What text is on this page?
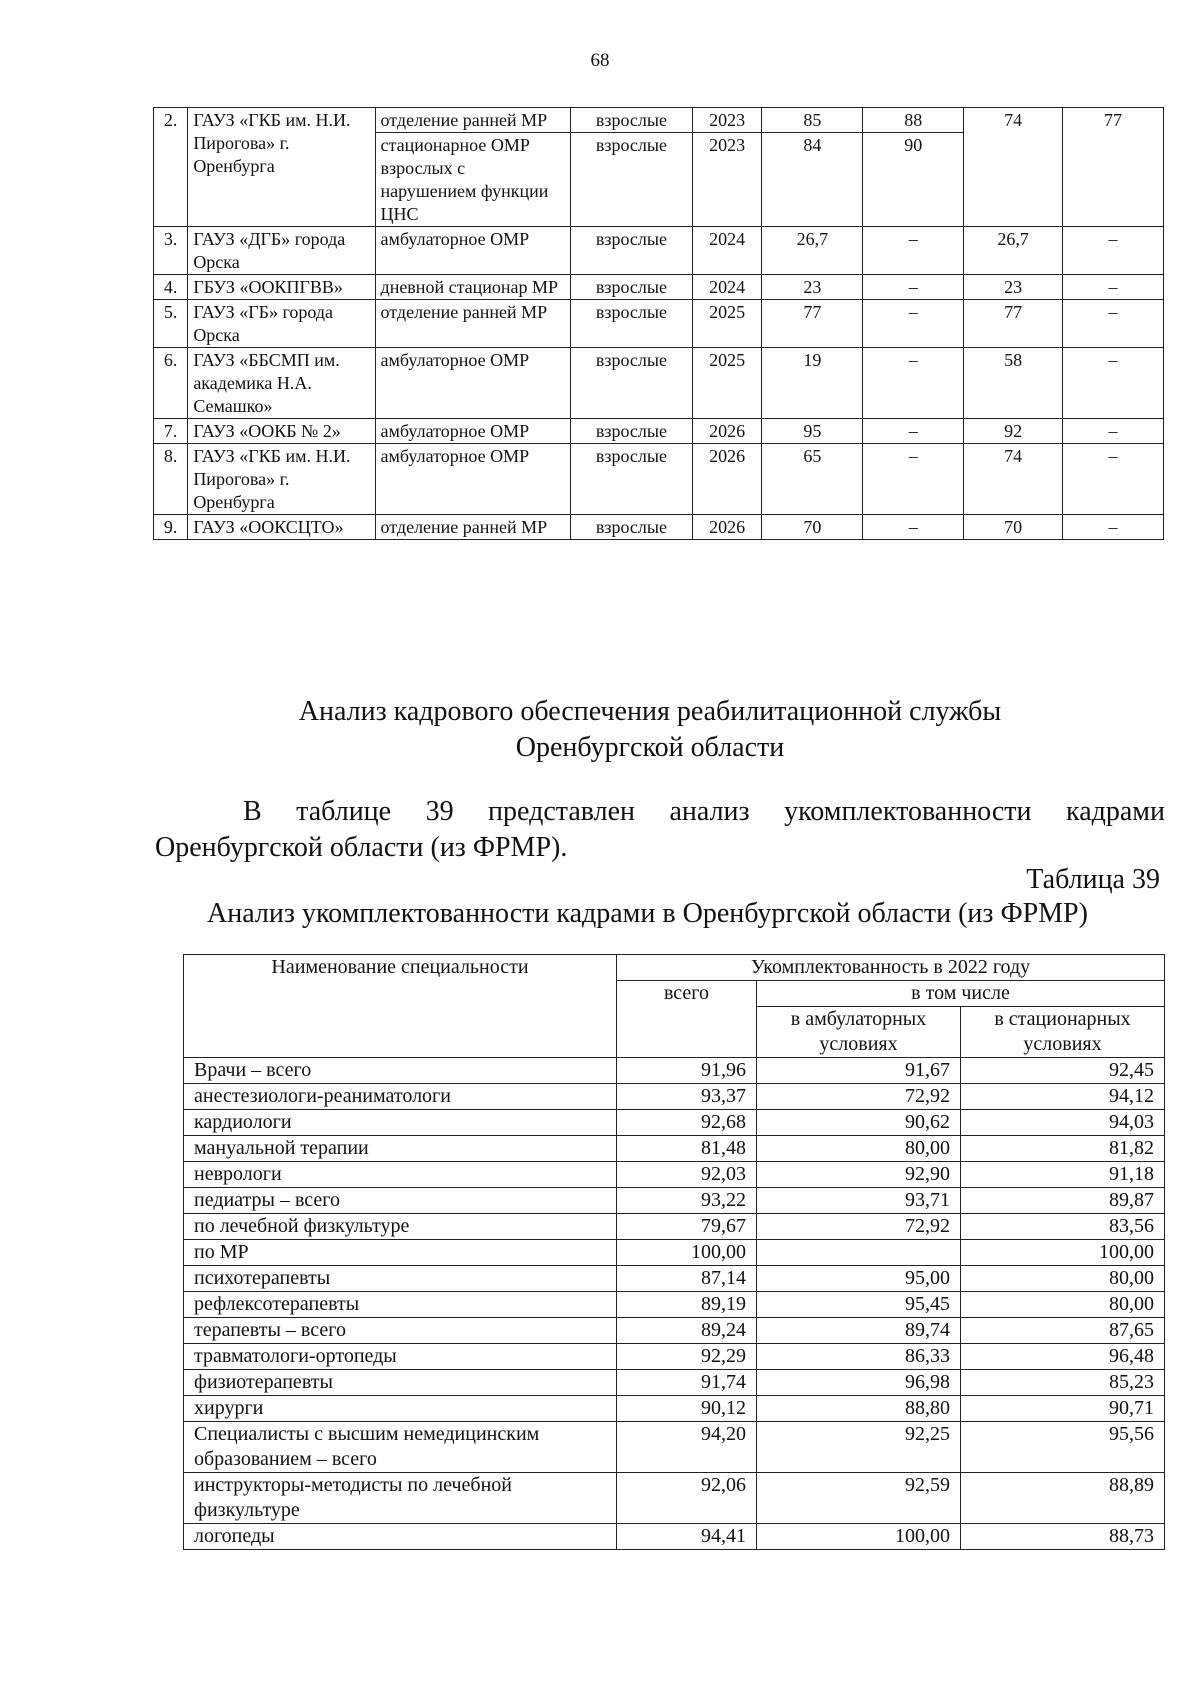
68
2.	ГАУЗ «ГКБ им. Н.И. Пирогова» г. Оренбурга	отделение ранней МР	взрослые	2023	85	88	74	77
		стационарное ОМР взрослых с нарушением функции ЦНС	взрослые	2023	84	90		
3.	ГАУЗ «ДГБ» города Орска	амбулаторное ОМР	взрослые	2024	26,7	–	26,7	–
4.	ГБУЗ «ООКПГВВ»	дневной стационар МР	взрослые	2024	23	–	23	–
5.	ГАУЗ «ГБ» города Орска	отделение ранней МР	взрослые	2025	77	–	77	–
6.	ГАУЗ «ББСМП им. академика Н.А. Семашко»	амбулаторное ОМР	взрослые	2025	19	–	58	–
7.	ГАУЗ «ООКБ № 2»	амбулаторное ОМР	взрослые	2026	95	–	92	–
8.	ГАУЗ «ГКБ им. Н.И. Пирогова» г. Оренбурга	амбулаторное ОМР	взрослые	2026	65	–	74	–
9.	ГАУЗ «ООКСЦТО»	отделение ранней МР	взрослые	2026	70	–	70	–
Анализ кадрового обеспечения реабилитационной службы
Оренбургской области
В таблице 39 представлен анализ укомплектованности кадрами Оренбургской области (из ФРМР).
Таблица 39
Анализ укомплектованности кадрами в Оренбургской области (из ФРМР)
Наименование специальности	Укомплектованность в 2022 году		
	всего	в том числе	
		в амбулаторных условиях	в стационарных условиях
Врачи – всего	91,96	91,67	92,45
анестезиологи-реаниматологи	93,37	72,92	94,12
кардиологи	92,68	90,62	94,03
мануальной терапии	81,48	80,00	81,82
неврологи	92,03	92,90	91,18
педиатры – всего	93,22	93,71	89,87
по лечебной физкультуре	79,67	72,92	83,56
по МР	100,00		100,00
психотерапевты	87,14	95,00	80,00
рефлексотерапевты	89,19	95,45	80,00
терапевты – всего	89,24	89,74	87,65
травматологи-ортопеды	92,29	86,33	96,48
физиотерапевты	91,74	96,98	85,23
хирурги	90,12	88,80	90,71
Специалисты с высшим немедицинским образованием – всего	94,20	92,25	95,56
инструкторы-методисты по лечебной физкультуре	92,06	92,59	88,89
логопеды	94,41	100,00	88,73
